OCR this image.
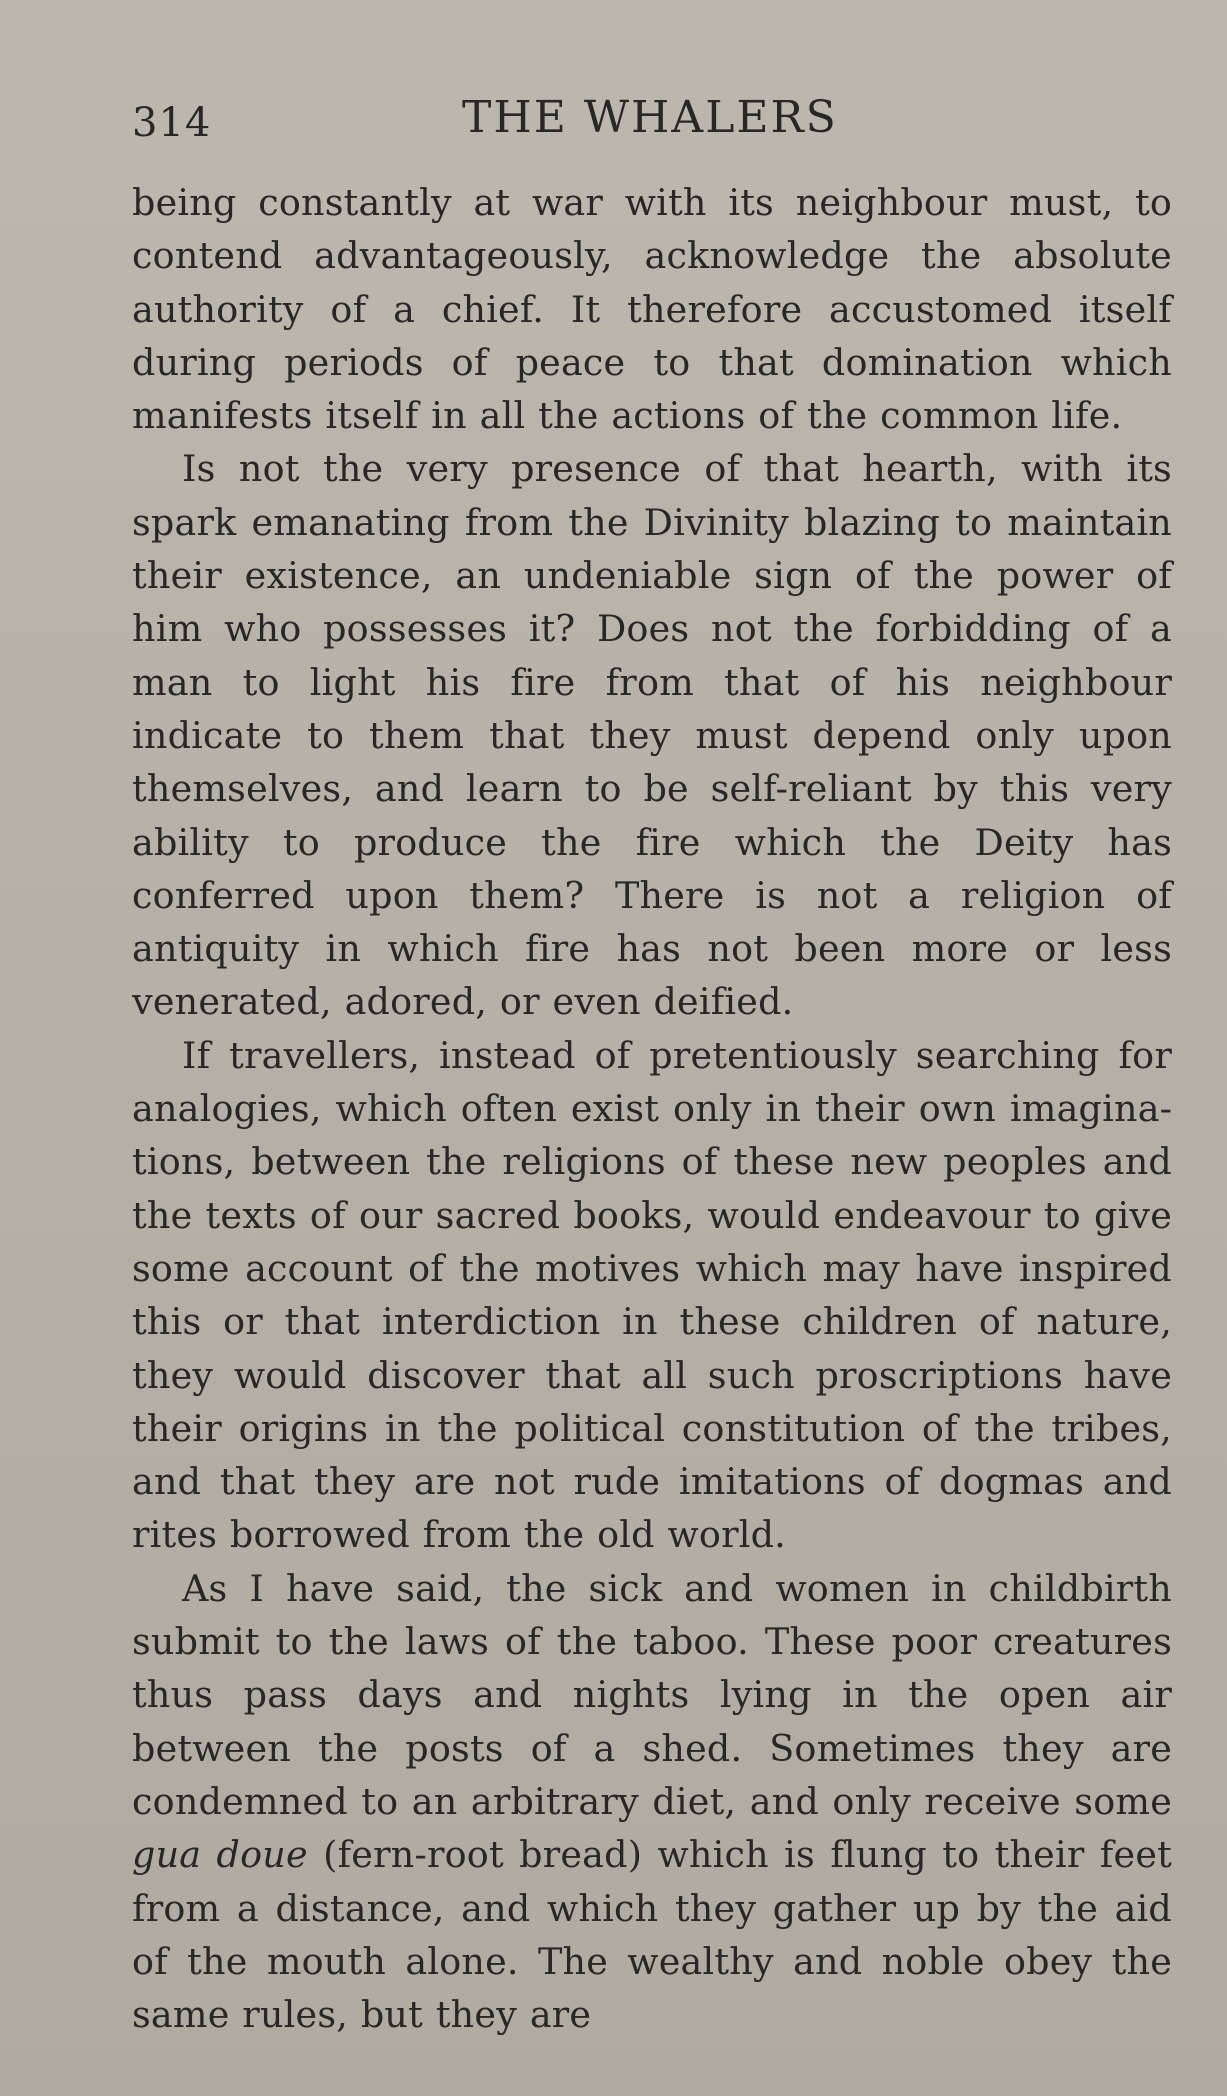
314	THE WHALERS

being constantly at war with its neighbour must, to contend advantageously, acknowledge the absolute authority of a chief. It therefore accustomed itself during periods of peace to that domination which manifests itself in all the actions of the common life.

Is not the very presence of that hearth, with its spark emanating from the Divinity blazing to maintain their existence, an undeniable sign of the power of him who possesses it? Does not the forbidding of a man to light his fire from that of his neighbour indicate to them that they must depend only upon themselves, and learn to be self-reliant by this very ability to produce the fire which the Deity has conferred upon them? There is not a religion of antiquity in which fire has not been more or less venerated, adored, or even deified.

If travellers, instead of pretentiously searching for analogies, which often exist only in their own imaginations, between the religions of these new peoples and the texts of our sacred books, would endeavour to give some account of the motives which may have inspired this or that interdiction in these children of nature, they would discover that all such proscriptions have their origins in the political constitution of the tribes, and that they are not rude imitations of dogmas and rites borrowed from the old world.

As I have said, the sick and women in childbirth submit to the laws of the taboo. These poor creatures thus pass days and nights lying in the open air between the posts of a shed. Sometimes they are condemned to an arbitrary diet, and only receive some gua doue (fern-root bread) which is flung to their feet from a distance, and which they gather up by the aid of the mouth alone. The wealthy and noble obey the same rules, but they are
